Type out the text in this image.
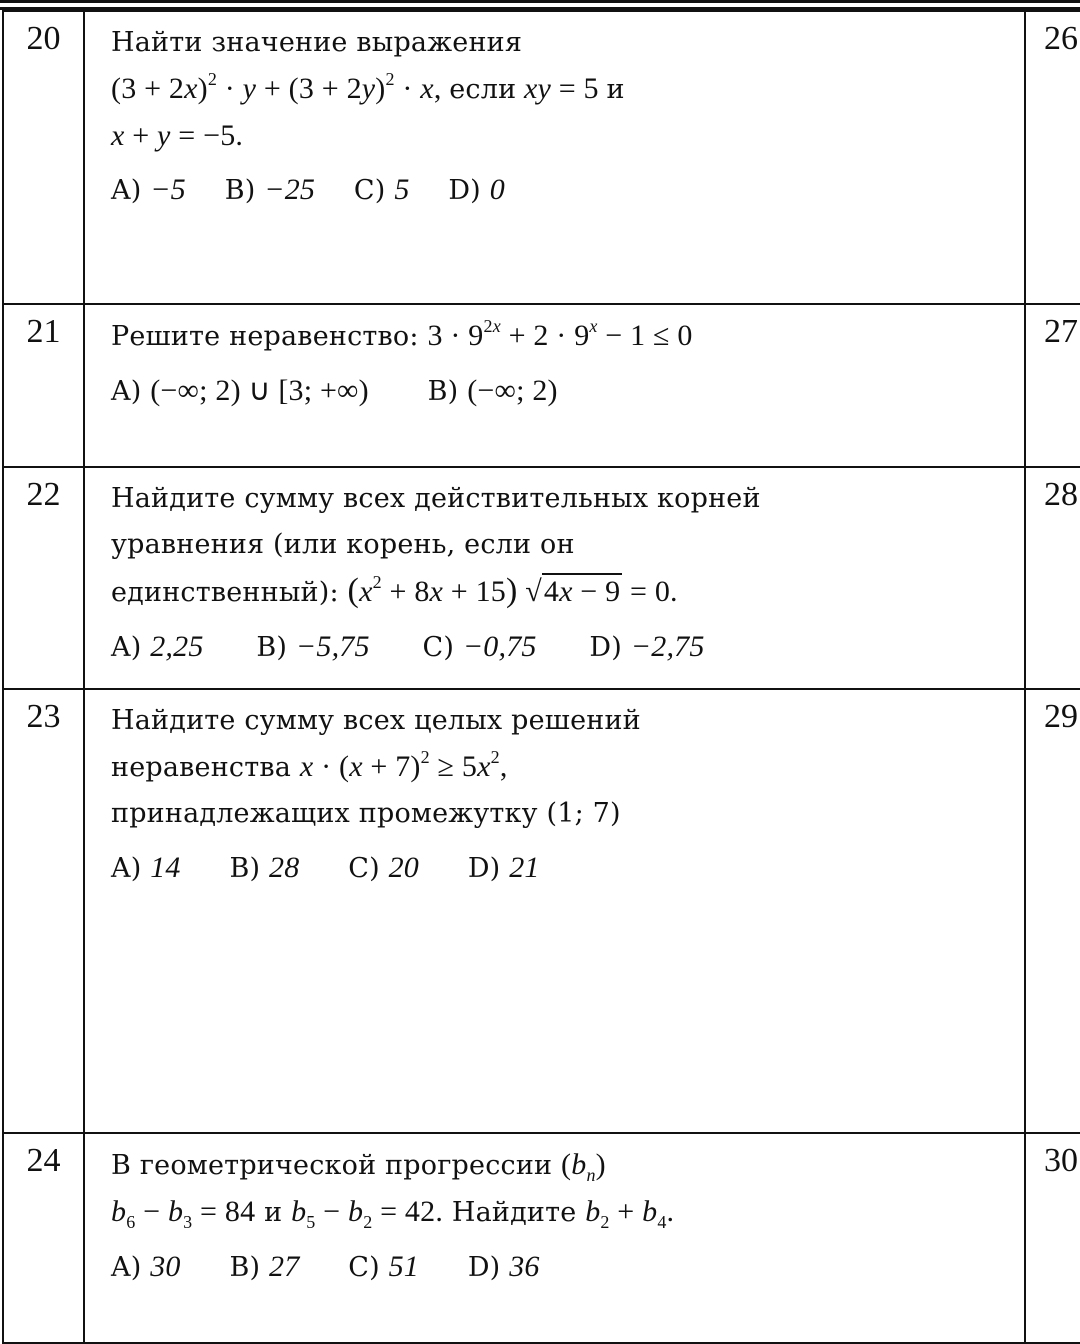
20	Найти значение выражения
$(3 + 2x)^2 \cdot y + (3 + 2y)^2 \cdot x$, если xy = 5 и
x + y = −5.
A) −5 B) −25 C) 5 D) 0	26	

21	Решите неравенство: $3 \cdot 9^{2x} + 2 \cdot 9^x - 1 \le 0$
A) (−∞; 2) ∪ [3; +∞) B) (−∞; 2)	27	

22	Найдите сумму всех действительных корней
уравнения (или корень, если он
единственный): $(x^2 + 8x + 15) √4x - 9 = 0$.
A) 2,25 B) −5,75 C) −0,75 D) −2,75	28	

23	Найдите сумму всех целых решений
неравенства $x \cdot (x + 7)^2 \ge 5x^2$,
принадлежащих промежутку (1; 7)
A) 14 B) 28 C) 20 D) 21	29	

24	В геометрической прогрессии $(b_n)$
$b_6 - b_3 = 84$ и $b_5 - b_2 = 42$. Найдите $b_2 + b_4$.
A) 30 B) 27 C) 51 D) 36	30	
